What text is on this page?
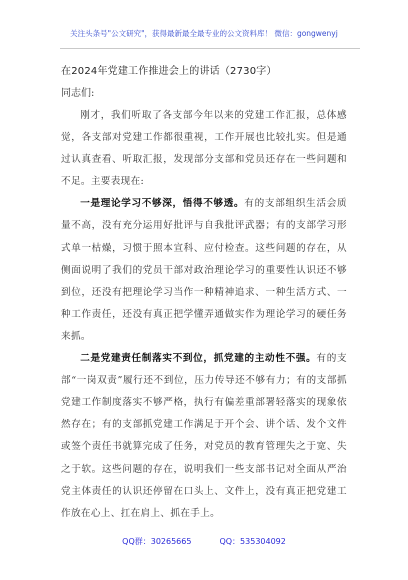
关注头条号"公文研究"，获得最新最全最专业的公文资料库！ 微信：gongwenyj
在2024年党建工作推进会上的讲话（2730字）
同志们:

刚才，我们听取了各支部今年以来的党建工作汇报，总体感觉，各支部对党建工作都很重视，工作开展也比较扎实。但是通过认真查看、听取汇报，发现部分支部和党员还存在一些问题和不足。主要表现在:

一是理论学习不够深，悟得不够透。有的支部组织生活会质量不高，没有充分运用好批评与自我批评武器；有的支部学习形式单一枯燥，习惯于照本宣科、应付检查。这些问题的存在，从侧面说明了我们的党员干部对政治理论学习的重要性认识还不够到位，还没有把理论学习当作一种精神追求、一种生活方式、一种工作责任，还没有真正把学懂弄通做实作为理论学习的硬任务来抓。

二是党建责任制落实不到位，抓党建的主动性不强。有的支部“一岗双责”履行还不到位，压力传导还不够有力；有的支部抓党建工作制度落实不够严格，执行有偏差重部署轻落实的现象依然存在；有的支部抓党建工作满足于开个会、讲个话、发个文件或签个责任书就算完成了任务，对党员的教育管理失之于宽、失之于软。这些问题的存在，说明我们一些支部书记对全面从严治党主体责任的认识还停留在口头上、文件上，没有真正把党建工作放在心上、扛在肩上、抓在手上。

QQ群：30265665	QQ：535304092
